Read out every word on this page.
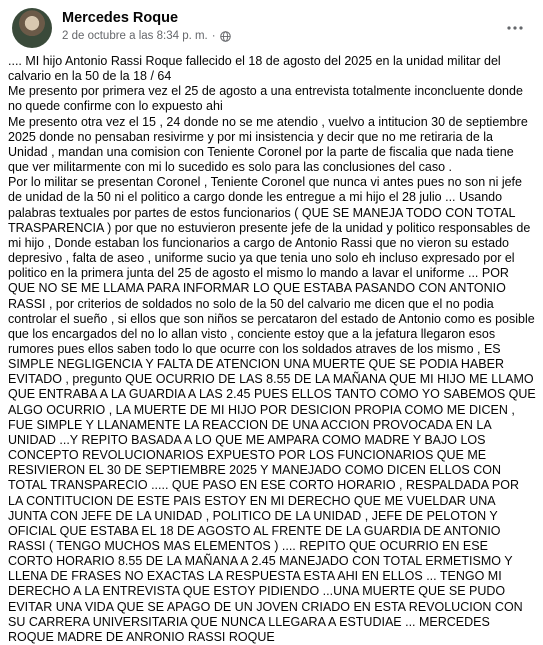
Mercedes Roque
2 de octubre a las 8:34 p. m. ·
.... MI hijo Antonio Rassi Roque fallecido el 18 de agosto del 2025 en la unidad militar del calvario en la 50 de la 18 / 64
Me presento por primera vez el 25 de agosto a una entrevista totalmente inconcluente donde no quede confirme con lo expuesto ahi
Me presento otra vez el 15 , 24 donde no se me atendio , vuelvo a intitucion 30 de septiembre 2025 donde no pensaban resivirme y por mi insistencia y decir que no me retiraria de la Unidad , mandan una comision con Teniente Coronel por la parte de fiscalia que nada tiene que ver militarmente con mi lo sucedido es solo para las conclusiones del caso .
Por lo militar se presentan Coronel , Teniente Coronel que nunca vi antes pues no son ni jefe de unidad de la 50 ni el politico a cargo donde les entregue a mi hijo el 28 julio ... Usando palabras textuales por partes de estos funcionarios ( QUE SE MANEJA TODO CON TOTAL TRASPARENCIA ) por que no estuvieron presente jefe de la unidad y politico responsables de mi hijo , Donde estaban los funcionarios a cargo de Antonio Rassi que no vieron su estado depresivo , falta de aseo , uniforme sucio ya que tenia uno solo eh incluso expresado por el politico en la primera junta del 25 de agosto el mismo lo mando a lavar el uniforme ... POR QUE NO SE ME LLAMA PARA INFORMAR LO QUE ESTABA PASANDO CON ANTONIO RASSI , por criterios de soldados no solo de la 50 del calvario me dicen que el no podia controlar el sueño , si ellos que son niños se percataron del estado de Antonio como es posible que los encargados del no lo allan visto , conciente estoy que a la jefatura llegaron esos rumores pues ellos saben todo lo que ocurre con los soldados atraves de los mismo , ES SIMPLE NEGLIGENCIA Y FALTA DE ATENCION UNA MUERTE QUE SE PODIA HABER EVITADO , pregunto QUE OCURRIO DE LAS 8.55 DE LA MAÑANA QUE MI HIJO ME LLAMO QUE ENTRABA A LA GUARDIA A LAS 2.45 PUES ELLOS TANTO COMO YO SABEMOS QUE ALGO OCURRIO , LA MUERTE DE MI HIJO POR DESICION PROPIA COMO ME DICEN , FUE SIMPLE Y LLANAMENTE LA REACCION DE UNA ACCION PROVOCADA EN LA UNIDAD ...Y REPITO BASADA A LO QUE ME AMPARA COMO MADRE Y BAJO LOS CONCEPTO REVOLUCIONARIOS EXPUESTO POR LOS FUNCIONARIOS QUE ME RESIVIERON EL 30 DE SEPTIEMBRE 2025 Y MANEJADO COMO DICEN ELLOS CON TOTAL TRANSPARECIO ..... QUE PASO EN ESE CORTO HORARIO , RESPALDADA POR LA CONTITUCION DE ESTE PAIS ESTOY EN MI DERECHO QUE ME VUELDAR UNA JUNTA CON JEFE DE LA UNIDAD , POLITICO DE LA UNIDAD , JEFE DE PELOTON Y OFICIAL QUE ESTABA EL 18 DE AGOSTO AL FRENTE DE LA GUARDIA DE ANTONIO RASSI ( TENGO MUCHOS MAS ELEMENTOS ) .... REPITO QUE OCURRIO EN ESE CORTO HORARIO 8.55 DE LA MAÑANA A 2.45 MANEJADO CON TOTAL ERMETISMO Y LLENA DE FRASES NO EXACTAS LA RESPUESTA ESTA AHI EN ELLOS ... TENGO MI DERECHO A LA ENTREVISTA QUE ESTOY PIDIENDO ...UNA MUERTE QUE SE PUDO EVITAR UNA VIDA QUE SE APAGO DE UN JOVEN CRIADO EN ESTA REVOLUCION CON SU CARRERA UNIVERSITARIA QUE NUNCA LLEGARA A ESTUDIAE ... MERCEDES ROQUE MADRE DE ANRONIO RASSI ROQUE
